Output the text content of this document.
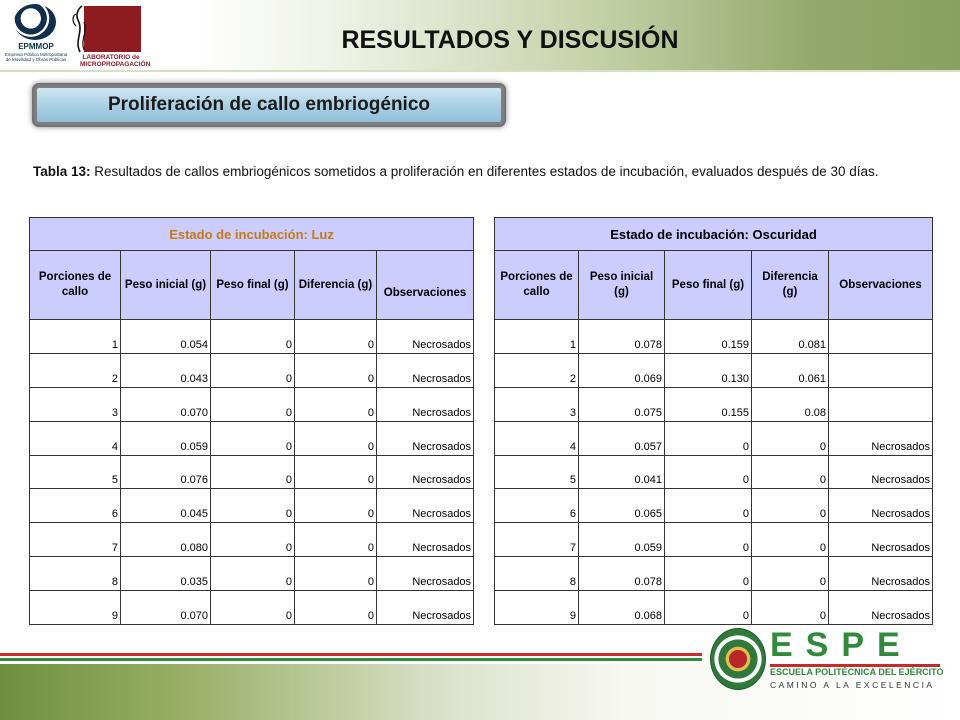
EPMMOP
Empresa Pública Metropolitana de Movilidad y Obras Públicas	LABORATORIO de MICROPROPAGACIÓN
RESULTADOS Y DISCUSIÓN
Proliferación de callo embriogénico
Tabla 13: Resultados de callos embriogénicos sometidos a proliferación en diferentes estados de incubación, evaluados después de 30 días.
Estado de incubación: Luz				
Porciones de callo	Peso inicial (g)	Peso final (g)	Diferencia (g)	Observaciones
1	0.054	0	0	Necrosados
2	0.043	0	0	Necrosados
3	0.070	0	0	Necrosados
4	0.059	0	0	Necrosados
5	0.076	0	0	Necrosados
6	0.045	0	0	Necrosados
7	0.080	0	0	Necrosados
8	0.035	0	0	Necrosados
9	0.070	0	0	Necrosados
Estado de incubación: Oscuridad				
Porciones de callo	Peso inicial (g)	Peso final (g)	Diferencia (g)	Observaciones
1	0.078	0.159	0.081	
2	0.069	0.130	0.061	
3	0.075	0.155	0.08	
4	0.057	0	0	Necrosados
5	0.041	0	0	Necrosados
6	0.065	0	0	Necrosados
7	0.059	0	0	Necrosados
8	0.078	0	0	Necrosados
9	0.068	0	0	Necrosados
ESPE
ESCUELA POLITÉCNICA DEL EJÉRCITO
CAMINO A LA EXCELENCIA
